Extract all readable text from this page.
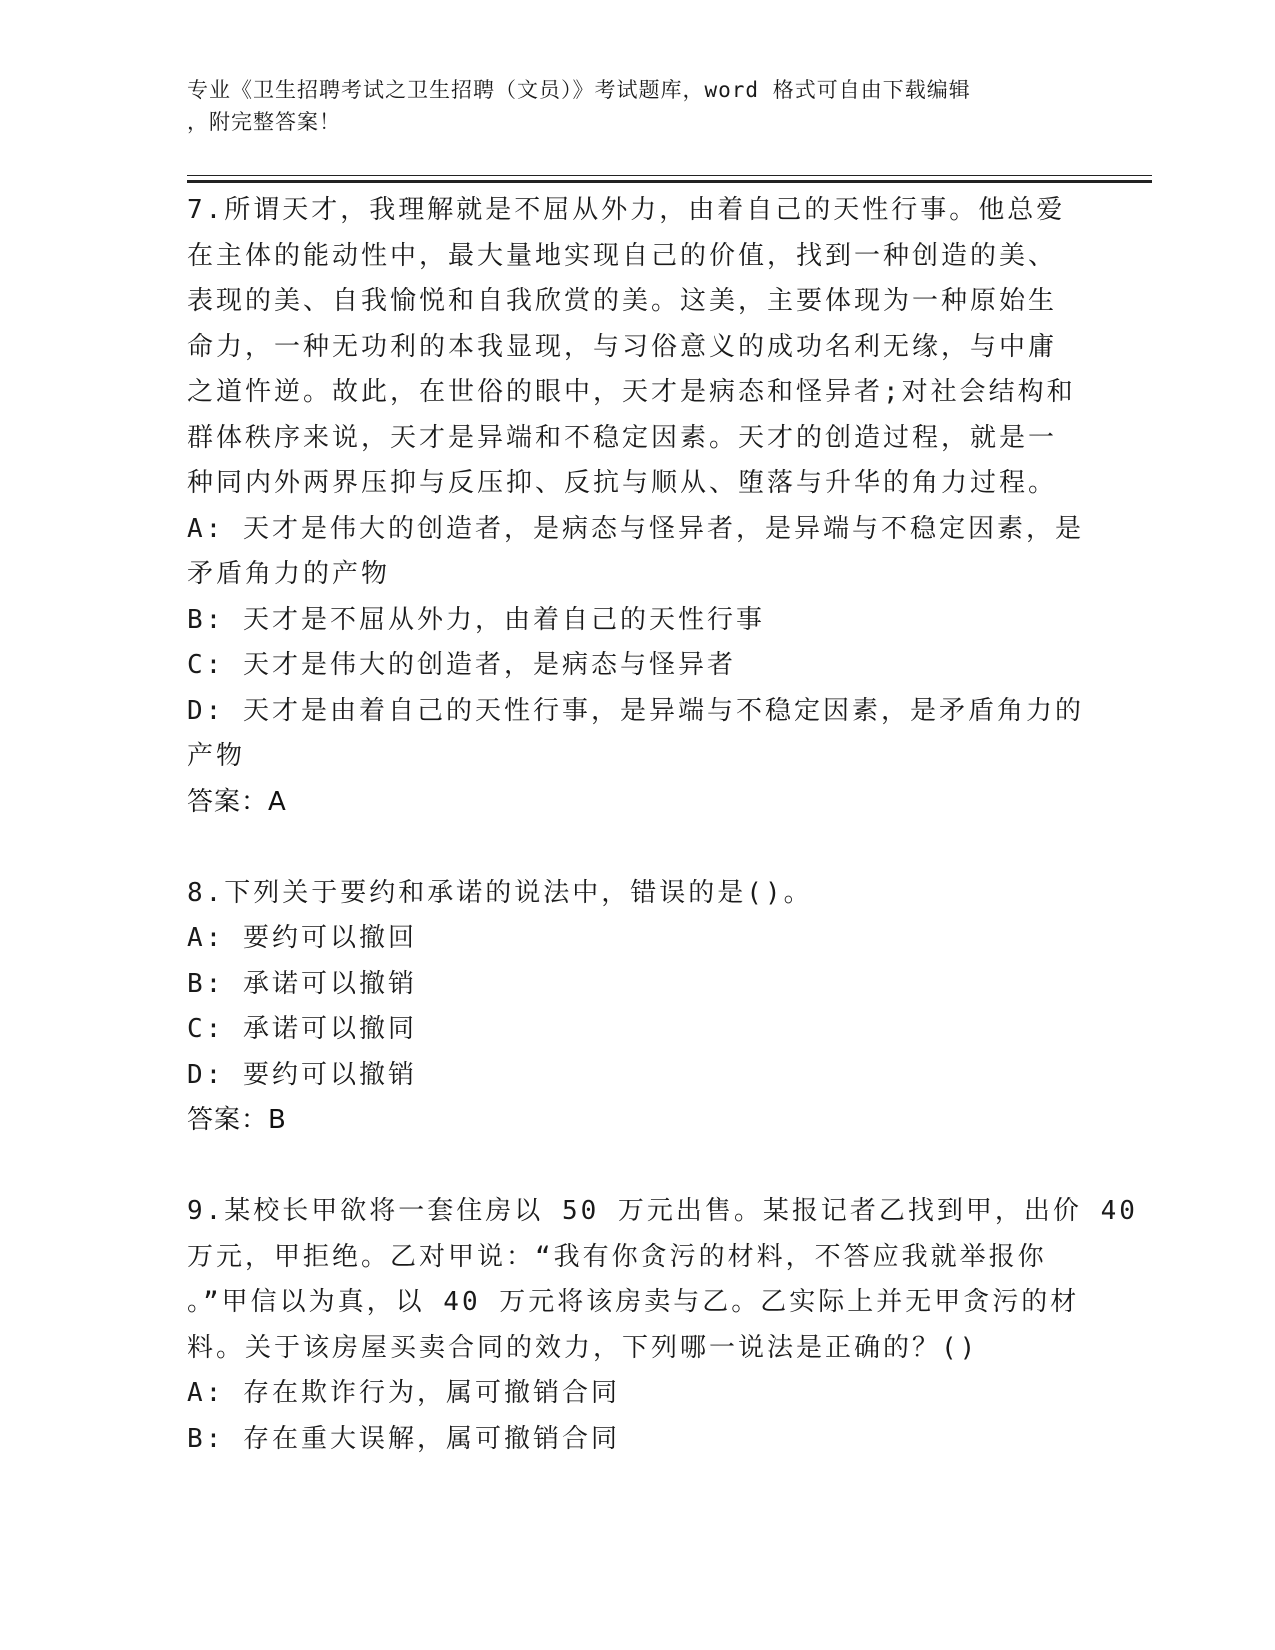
专业《卫生招聘考试之卫生招聘（文员）》考试题库，word 格式可自由下载编辑
，附完整答案！
7.所谓天才，我理解就是不屈从外力，由着自己的天性行事。他总爱
在主体的能动性中，最大量地实现自己的价值，找到一种创造的美、
表现的美、自我愉悦和自我欣赏的美。这美，主要体现为一种原始生
命力，一种无功利的本我显现，与习俗意义的成功名利无缘，与中庸
之道忤逆。故此，在世俗的眼中，天才是病态和怪异者;对社会结构和
群体秩序来说，天才是异端和不稳定因素。天才的创造过程，就是一
种同内外两界压抑与反压抑、反抗与顺从、堕落与升华的角力过程。
A: 天才是伟大的创造者，是病态与怪异者，是异端与不稳定因素，是
矛盾角力的产物
B: 天才是不屈从外力，由着自己的天性行事
C: 天才是伟大的创造者，是病态与怪异者
D: 天才是由着自己的天性行事，是异端与不稳定因素，是矛盾角力的
产物
答案：A
8.下列关于要约和承诺的说法中，错误的是()。
A: 要约可以撤回
B: 承诺可以撤销
C: 承诺可以撤同
D: 要约可以撤销
答案：B
9.某校长甲欲将一套住房以 50 万元出售。某报记者乙找到甲，出价 40
万元，甲拒绝。乙对甲说：“我有你贪污的材料，不答应我就举报你
。”甲信以为真，以 40 万元将该房卖与乙。乙实际上并无甲贪污的材
料。关于该房屋买卖合同的效力，下列哪一说法是正确的？()
A: 存在欺诈行为，属可撤销合同
B: 存在重大误解，属可撤销合同
